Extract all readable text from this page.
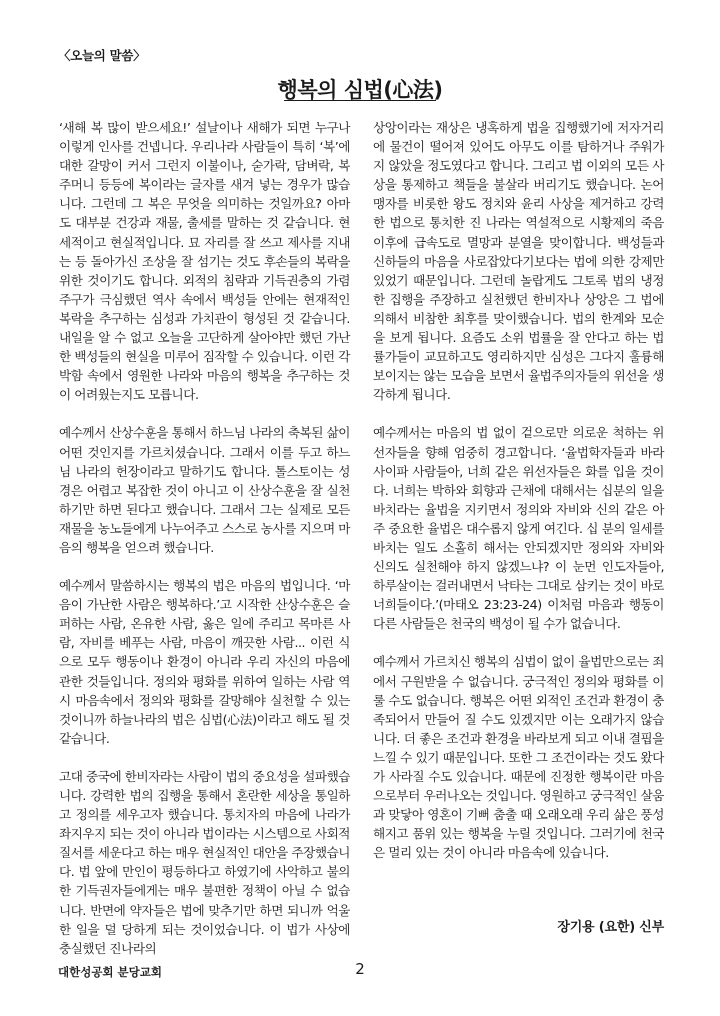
〈오늘의 말씀〉
행복의 심법(心法)

‘새해 복 많이 받으세요!’ 설날이나 새해가 되면 누구나 이렇게 인사를 건넵니다. 우리나라 사람들이 특히 ‘복’에 대한 갈망이 커서 그런지 이불이나, 숟가락, 담벼락, 복 주머니 등등에 복이라는 글자를 새겨 넣는 경우가 많습니다. 그런데 그 복은 무엇을 의미하는 것일까요? 아마도 대부분 건강과 재물, 출세를 말하는 것 같습니다. 현세적이고 현실적입니다. 묘 자리를 잘 쓰고 제사를 지내는 등 돌아가신 조상을 잘 섬기는 것도 후손들의 복락을 위한 것이기도 합니다. 외적의 침략과 기득권층의 가렴주구가 극심했던 역사 속에서 백성들 안에는 현재적인 복락을 추구하는 심성과 가치관이 형성된 것 같습니다. 내일을 알 수 없고 오늘을 고단하게 살아야만 했던 가난한 백성들의 현실을 미루어 짐작할 수 있습니다. 이런 각박함 속에서 영원한 나라와 마음의 행복을 추구하는 것이 어려웠는지도 모릅니다.

예수께서 산상수훈을 통해서 하느님 나라의 축복된 삶이 어떤 것인지를 가르치셨습니다. 그래서 이를 두고 하느님 나라의 헌장이라고 말하기도 합니다. 톨스토이는 성경은 어렵고 복잡한 것이 아니고 이 산상수훈을 잘 실천하기만 하면 된다고 했습니다. 그래서 그는 실제로 모든 재물을 농노들에게 나누어주고 스스로 농사를 지으며 마음의 행복을 얻으려 했습니다.

예수께서 말씀하시는 행복의 법은 마음의 법입니다. ‘마음이 가난한 사람은 행복하다.’고 시작한 산상수훈은 슬퍼하는 사람, 온유한 사람, 옳은 일에 주리고 목마른 사람, 자비를 베푸는 사람, 마음이 깨끗한 사람... 이런 식으로 모두 행동이나 환경이 아니라 우리 자신의 마음에 관한 것들입니다. 정의와 평화를 위하여 일하는 사람 역시 마음속에서 정의와 평화를 갈망해야 실천할 수 있는 것이니까 하늘나라의 법은 심법(心法)이라고 해도 될 것 같습니다.

고대 중국에 한비자라는 사람이 법의 중요성을 설파했습니다. 강력한 법의 집행을 통해서 혼란한 세상을 통일하고 정의를 세우고자 했습니다. 통치자의 마음에 나라가 좌지우지 되는 것이 아니라 법이라는 시스템으로 사회적 질서를 세운다고 하는 매우 현실적인 대안을 주장했습니다. 법 앞에 만인이 평등하다고 하였기에 사악하고 불의한 기득권자들에게는 매우 불편한 정책이 아닐 수 없습니다. 반면에 약자들은 법에 맞추기만 하면 되니까 억울한 일을 덜 당하게 되는 것이었습니다. 이 법가 사상에 충실했던 진나라의

상앙이라는 재상은 냉혹하게 법을 집행했기에 저자거리에 물건이 떨어져 있어도 아무도 이를 탐하거나 주워가지 않았을 정도였다고 합니다. 그리고 법 이외의 모든 사상을 통제하고 책들을 불살라 버리기도 했습니다. 논어 맹자를 비롯한 왕도 정치와 윤리 사상을 제거하고 강력한 법으로 통치한 진 나라는 역설적으로 시황제의 죽음 이후에 급속도로 멸망과 분열을 맞이합니다. 백성들과 신하들의 마음을 사로잡았다기보다는 법에 의한 강제만 있었기 때문입니다. 그런데 놀랍게도 그토록 법의 냉정한 집행을 주장하고 실천했던 한비자나 상앙은 그 법에 의해서 비참한 최후를 맞이했습니다. 법의 한계와 모순을 보게 됩니다. 요즘도 소위 법률을 잘 안다고 하는 법률가들이 교묘하고도 영리하지만 심성은 그다지 훌륭해 보이지는 않는 모습을 보면서 율법주의자들의 위선을 생각하게 됩니다.

예수께서는 마음의 법 없이 겉으로만 의로운 척하는 위선자들을 향해 엄중히 경고합니다. ‘율법학자들과 바라사이파 사람들아, 너희 같은 위선자들은 화를 입을 것이다. 너희는 박하와 회향과 근채에 대해서는 십분의 일을 바치라는 율법을 지키면서 정의와 자비와 신의 같은 아주 중요한 율법은 대수롭지 않게 여긴다. 십 분의 일세를 바치는 일도 소홀히 해서는 안되겠지만 정의와 자비와 신의도 실천해야 하지 않겠느냐? 이 눈먼 인도자들아, 하루살이는 걸러내면서 낙타는 그대로 삼키는 것이 바로 너희들이다.’(마태오 23:23-24) 이처럼 마음과 행동이 다른 사람들은 천국의 백성이 될 수가 없습니다.

예수께서 가르치신 행복의 심법이 없이 율법만으로는 죄에서 구원받을 수 없습니다. 궁극적인 정의와 평화를 이룰 수도 없습니다. 행복은 어떤 외적인 조건과 환경이 충족되어서 만들어 질 수도 있겠지만 이는 오래가지 않습니다. 더 좋은 조건과 환경을 바라보게 되고 이내 결핍을 느낄 수 있기 때문입니다. 또한 그 조건이라는 것도 왔다가 사라질 수도 있습니다. 때문에 진정한 행복이란 마음으로부터 우러나오는 것입니다. 영원하고 궁극적인 살움과 맞닿아 영혼이 기뻐 춤출 때 오래오래 우리 삶은 풍성해지고 품위 있는 행복을 누릴 것입니다. 그러기에 천국은 멀리 있는 것이 아니라 마음속에 있습니다.

장기용 (요한) 신부
대한성공회 분당교회	2
